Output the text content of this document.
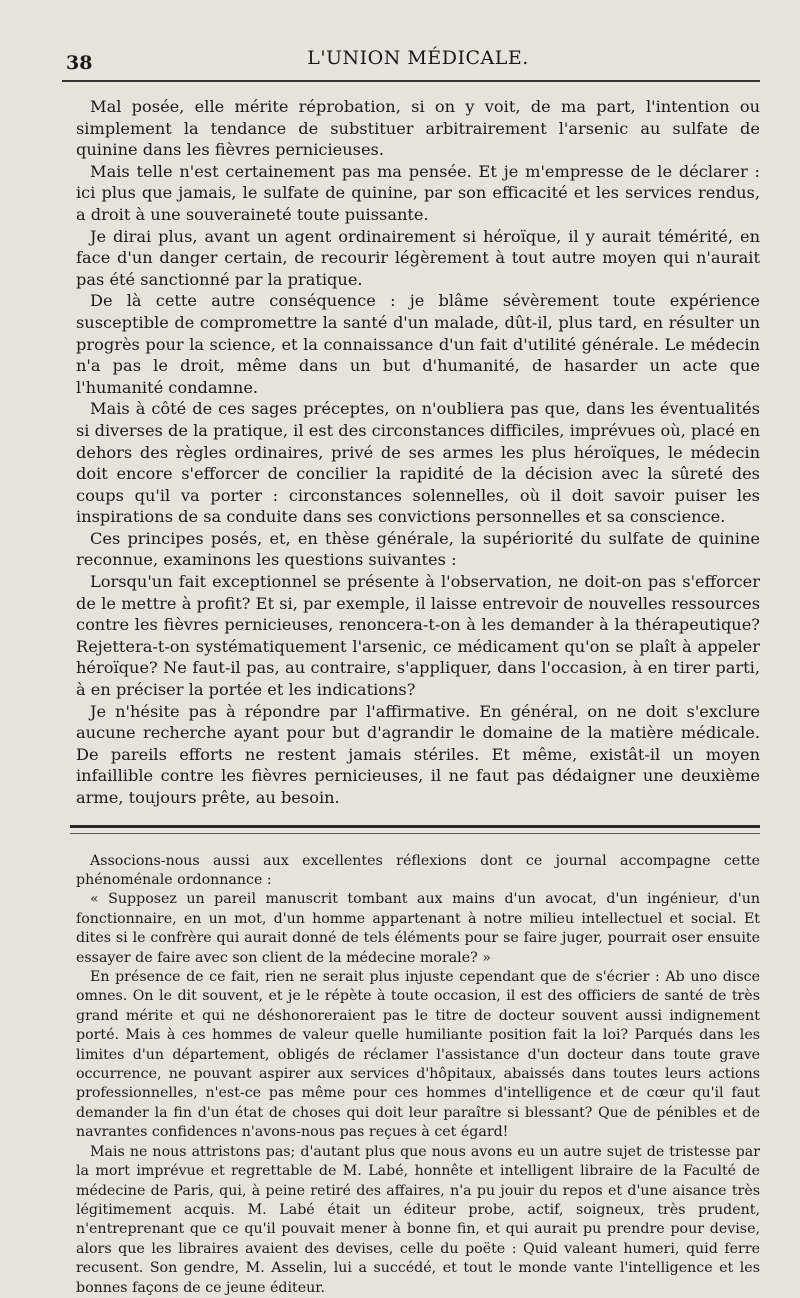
38	L'UNION MÉDICALE.

Mal posée, elle mérite réprobation, si on y voit, de ma part, l'intention ou simplement la tendance de substituer arbitrairement l'arsenic au sulfate de quinine dans les fièvres pernicieuses.

Mais telle n'est certainement pas ma pensée. Et je m'empresse de le déclarer : ici plus que jamais, le sulfate de quinine, par son efficacité et les services rendus, a droit à une souveraineté toute puissante.

Je dirai plus, avant un agent ordinairement si héroïque, il y aurait témérité, en face d'un danger certain, de recourir légèrement à tout autre moyen qui n'aurait pas été sanctionné par la pratique.

De là cette autre conséquence : je blâme sévèrement toute expérience susceptible de compromettre la santé d'un malade, dût-il, plus tard, en résulter un progrès pour la science, et la connaissance d'un fait d'utilité générale. Le médecin n'a pas le droit, même dans un but d'humanité, de hasarder un acte que l'humanité condamne.

Mais à côté de ces sages préceptes, on n'oubliera pas que, dans les éventualités si diverses de la pratique, il est des circonstances difficiles, imprévues où, placé en dehors des règles ordinaires, privé de ses armes les plus héroïques, le médecin doit encore s'efforcer de concilier la rapidité de la décision avec la sûreté des coups qu'il va porter : circonstances solennelles, où il doit savoir puiser les inspirations de sa conduite dans ses convictions personnelles et sa conscience.

Ces principes posés, et, en thèse générale, la supériorité du sulfate de quinine reconnue, examinons les questions suivantes :

Lorsqu'un fait exceptionnel se présente à l'observation, ne doit-on pas s'efforcer de le mettre à profit? Et si, par exemple, il laisse entrevoir de nouvelles ressources contre les fièvres pernicieuses, renoncera-t-on à les demander à la thérapeutique? Rejettera-t-on systématiquement l'arsenic, ce médicament qu'on se plaît à appeler héroïque? Ne faut-il pas, au contraire, s'appliquer, dans l'occasion, à en tirer parti, à en préciser la portée et les indications?

Je n'hésite pas à répondre par l'affirmative. En général, on ne doit s'exclure aucune recherche ayant pour but d'agrandir le domaine de la matière médicale. De pareils efforts ne restent jamais stériles. Et même, existât-il un moyen infaillible contre les fièvres pernicieuses, il ne faut pas dédaigner une deuxième arme, toujours prête, au besoin.

Associons-nous aussi aux excellentes réflexions dont ce journal accompagne cette phénoménale ordonnance :

« Supposez un pareil manuscrit tombant aux mains d'un avocat, d'un ingénieur, d'un fonctionnaire, en un mot, d'un homme appartenant à notre milieu intellectuel et social. Et dites si le confrère qui aurait donné de tels éléments pour se faire juger, pourrait oser ensuite essayer de faire avec son client de la médecine morale? »

En présence de ce fait, rien ne serait plus injuste cependant que de s'écrier : Ab uno disce omnes. On le dit souvent, et je le répète à toute occasion, il est des officiers de santé de très grand mérite et qui ne déshonoreraient pas le titre de docteur souvent aussi indignement porté. Mais à ces hommes de valeur quelle humiliante position fait la loi? Parqués dans les limites d'un département, obligés de réclamer l'assistance d'un docteur dans toute grave occurrence, ne pouvant aspirer aux services d'hôpitaux, abaissés dans toutes leurs actions professionnelles, n'est-ce pas même pour ces hommes d'intelligence et de cœur qu'il faut demander la fin d'un état de choses qui doit leur paraître si blessant? Que de pénibles et de navrantes confidences n'avons-nous pas reçues à cet égard!

Mais ne nous attristons pas; d'autant plus que nous avons eu un autre sujet de tristesse par la mort imprévue et regrettable de M. Labé, honnête et intelligent libraire de la Faculté de médecine de Paris, qui, à peine retiré des affaires, n'a pu jouir du repos et d'une aisance très légitimement acquis. M. Labé était un éditeur probe, actif, soigneux, très prudent, n'entreprenant que ce qu'il pouvait mener à bonne fin, et qui aurait pu prendre pour devise, alors que les libraires avaient des devises, celle du poëte : Quid valeant humeri, quid ferre recusent. Son gendre, M. Asselin, lui a succédé, et tout le monde vante l'intelligence et les bonnes façons de ce jeune éditeur.
